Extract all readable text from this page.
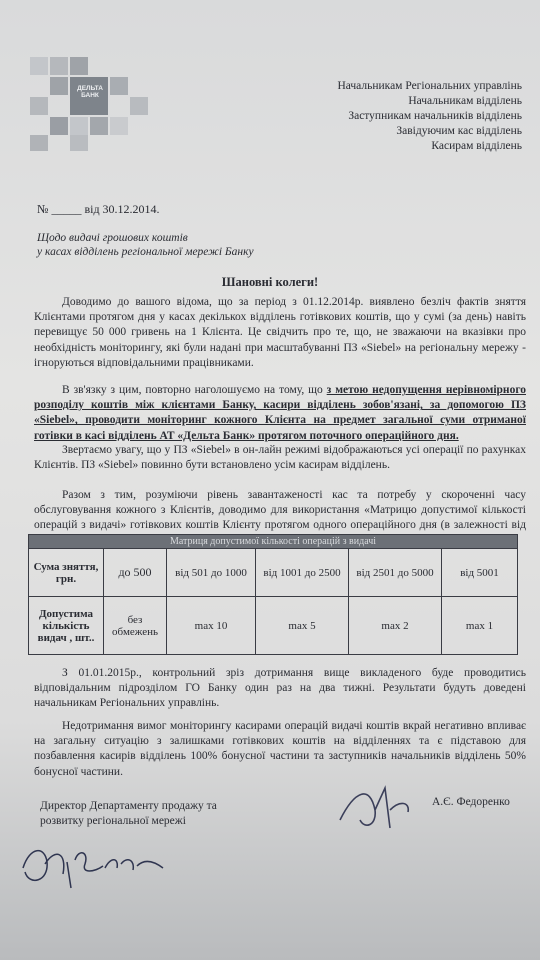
ДЕЛЬТА БАНК
Начальникам Регіональних управлінь
Начальникам відділень
Заступникам начальників відділень
Завідуючим кас відділень
Касирам відділень
№ _____ від 30.12.2014.
Щодо видачі грошових коштів
у касах відділень регіональної мережі Банку
Шановні колеги!
Доводимо до вашого відома, що за період з 01.12.2014р. виявлено безліч фактів зняття Клієнтами протягом дня у касах декількох відділень готівкових коштів, що у сумі (за день) навіть перевищує 50 000 гривень на 1 Клієнта. Це свідчить про те, що, не зважаючи на вказівки про необхідність моніторингу, які були надані при масштабуванні ПЗ «Siebel» на регіональну мережу - ігноруються відповідальними працівниками.
В зв'язку з цим, повторно наголошуємо на тому, що з метою недопущення нерівномірного розподілу коштів між клієнтами Банку, касири відділень зобов'язані, за допомогою ПЗ «Siebel», проводити моніторинг кожного Клієнта на предмет загальної суми отриманої готівки в касі відділень АТ «Дельта Банк» протягом поточного операційного дня.
Звертаємо увагу, що у ПЗ «Siebel» в он-лайн режимі відображаються усі операції по рахунках Клієнтів. ПЗ «Siebel» повинно бути встановлено усім касирам відділень.
Разом з тим, розуміючи рівень завантаженості кас та потребу у скороченні часу обслуговування кожного з Клієнтів, доводимо для використання «Матрицю допустимої кількості операцій з видачі» готівкових коштів Клієнту протягом одного операційного дня (в залежності від
Матриця допустимої кількості операцій з видачі					
Сума зняття, грн.	до 500	від 501 до 1000	від 1001 до 2500	від 2501 до 5000	від 5001
Допустима кількість видач , шт..	без обмежень	max 10	max 5	max 2	max 1
З 01.01.2015р., контрольний зріз дотримання вище викладеного буде проводитись відповідальним підрозділом ГО Банку один раз на два тижні. Результати будуть доведені начальникам Регіональних управлінь.
Недотримання вимог моніторингу касирами операцій видачі коштів вкрай негативно впливає на загальну ситуацію з залишками готівкових коштів на відділеннях та є підставою для позбавлення касирів відділень 100% бонусної частини та заступників начальників відділень 50% бонусної частини.
Директор Департаменту продажу та
розвитку регіональної мережі
А.Є. Федоренко
